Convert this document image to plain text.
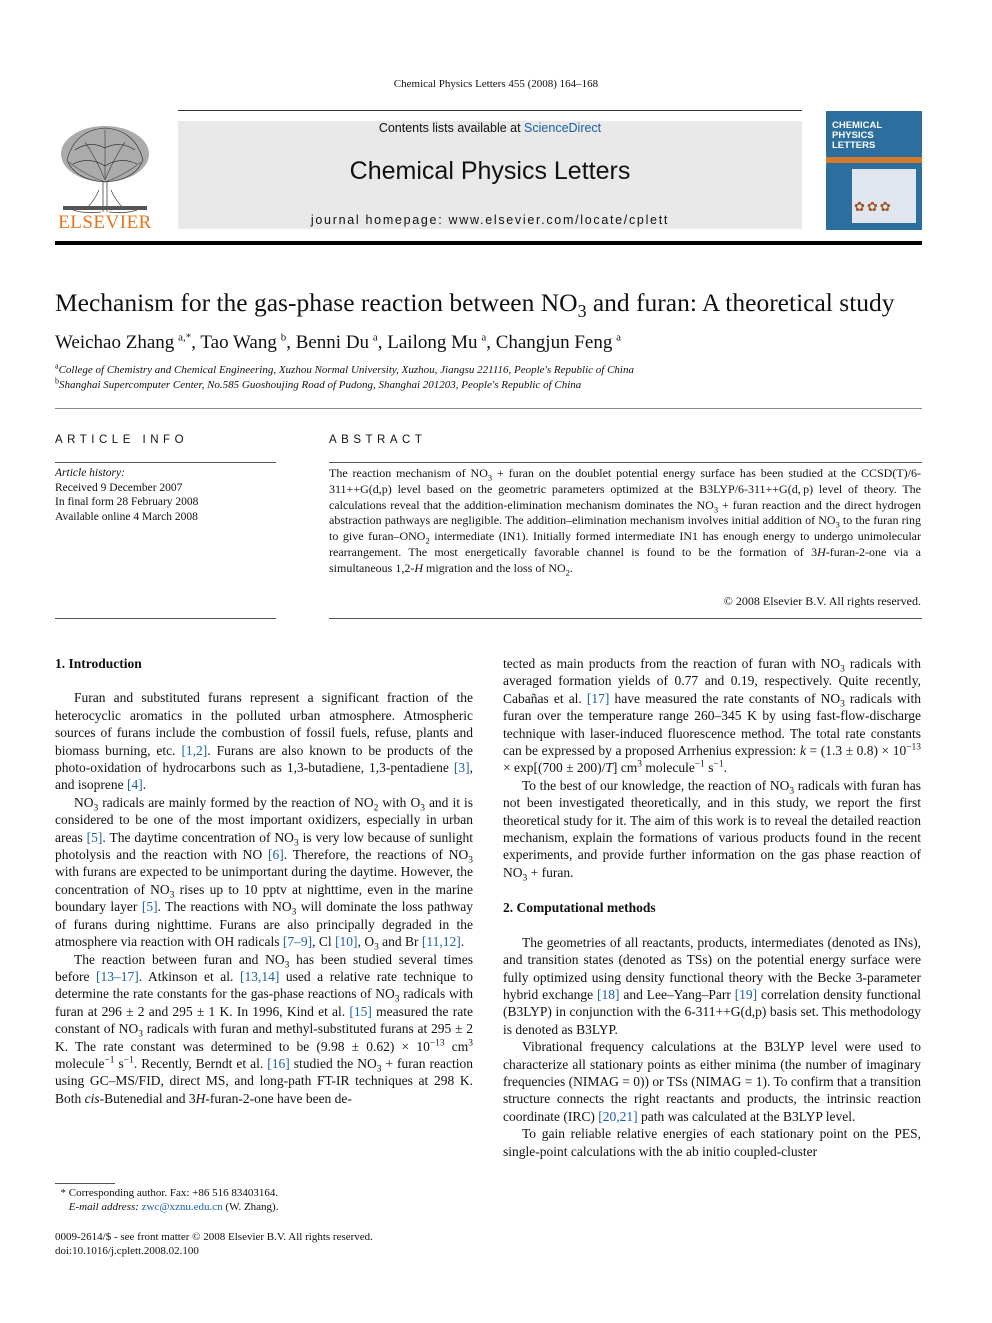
Chemical Physics Letters 455 (2008) 164–168
ELSEVIER
Contents lists available at ScienceDirect
Chemical Physics Letters
journal homepage: www.elsevier.com/locate/cplett
CHEMICAL
PHYSICS
LETTERS
✿✿✿
Mechanism for the gas-phase reaction between $NO_3$ and furan: A theoretical study
Weichao Zhang  $^{a,*}$, Tao Wang  $^b$, Benni Du  $^a$, Lailong Mu  $^a$, Changjun Feng  $^a$
$^a$College of Chemistry and Chemical Engineering, Xuzhou Normal University, Xuzhou, Jiangsu 221116, People's Republic of China
$^b$Shanghai Supercomputer Center, No.585 Guoshoujing Road of Pudong, Shanghai 201203, People's Republic of China
ARTICLE INFO
Article history:
Received 9 December 2007
In final form 28 February 2008
Available online 4 March 2008
ABSTRACT
The reaction mechanism of $NO_3$ + furan on the doublet potential energy surface has been studied at the CCSD(T)/6-311++G(d,p) level based on the geometric parameters optimized at the B3LYP/6-311++G(d, p) level of theory. The calculations reveal that the addition-elimination mechanism dominates the $NO_3$ + furan reaction and the direct hydrogen abstraction pathways are negligible. The addition–elimination mechanism involves initial addition of $NO_3$ to the furan ring to give furan–$ONO_2$ intermediate (IN1). Initially formed intermediate IN1 has enough energy to undergo unimolecular rearrangement. The most energetically favorable channel is found to be the formation of 3H-furan-2-one via a simultaneous 1,2-H migration and the loss of $NO_2$.
© 2008 Elsevier B.V. All rights reserved.
1. Introduction

Furan and substituted furans represent a significant fraction of the heterocyclic aromatics in the polluted urban atmosphere. Atmospheric sources of furans include the combustion of fossil fuels, refuse, plants and biomass burning, etc. [1,2]. Furans are also known to be products of the photo-oxidation of hydrocarbons such as 1,3-butadiene, 1,3-pentadiene [3], and isoprene [4].

$NO_3$ radicals are mainly formed by the reaction of $NO_2$ with $O_3$ and it is considered to be one of the most important oxidizers, especially in urban areas [5]. The daytime concentration of $NO_3$ is very low because of sunlight photolysis and the reaction with NO [6]. Therefore, the reactions of $NO_3$ with furans are expected to be unimportant during the daytime. However, the concentration of $NO_3$ rises up to 10 pptv at nighttime, even in the marine boundary layer [5]. The reactions with $NO_3$ will dominate the loss pathway of furans during nighttime. Furans are also principally degraded in the atmosphere via reaction with OH radicals [7–9], Cl [10], $O_3$ and Br [11,12].

The reaction between furan and $NO_3$ has been studied several times before [13–17]. Atkinson et al. [13,14] used a relative rate technique to determine the rate constants for the gas-phase reactions of $NO_3$ radicals with furan at 296 ± 2 and 295 ± 1 K. In 1996, Kind et al. [15] measured the rate constant of $NO_3$ radicals with furan and methyl-substituted furans at 295 ± 2 K. The rate constant was determined to be $(9.98 \pm 0.62) \times 10^{-13}$ $cm^3$ molecule$^{-1}$ $s^{-1}$. Recently, Berndt et al. [16] studied the $NO_3$ + furan reaction using GC–MS/FID, direct MS, and long-path FT-IR techniques at 298 K. Both cis-Butenedial and 3H-furan-2-one have been de-

tected as main products from the reaction of furan with $NO_3$ radicals with averaged formation yields of 0.77 and 0.19, respectively. Quite recently, Cabañas et al. [17] have measured the rate constants of $NO_3$ radicals with furan over the temperature range 260–345 K by using fast-flow-discharge technique with laser-induced fluorescence method. The total rate constants can be expressed by a proposed Arrhenius expression: $k = (1.3 \pm 0.8) \times 10^{-13} \times \exp[(700 \pm 200)/T]$ $cm^3$ molecule$^{-1}$ $s^{-1}$.

To the best of our knowledge, the reaction of $NO_3$ radicals with furan has not been investigated theoretically, and in this study, we report the first theoretical study for it. The aim of this work is to reveal the detailed reaction mechanism, explain the formations of various products found in the recent experiments, and provide further information on the gas phase reaction of $NO_3$ + furan.

2. Computational methods

The geometries of all reactants, products, intermediates (denoted as INs), and transition states (denoted as TSs) on the potential energy surface were fully optimized using density functional theory with the Becke 3-parameter hybrid exchange [18] and Lee–Yang–Parr [19] correlation density functional (B3LYP) in conjunction with the 6-311++G(d,p) basis set. This methodology is denoted as B3LYP.

Vibrational frequency calculations at the B3LYP level were used to characterize all stationary points as either minima (the number of imaginary frequencies (NIMAG = 0)) or TSs (NIMAG = 1). To confirm that a transition structure connects the right reactants and products, the intrinsic reaction coordinate (IRC) [20,21] path was calculated at the B3LYP level.

To gain reliable relative energies of each stationary point on the PES, single-point calculations with the ab initio coupled-cluster

* Corresponding author. Fax: +86 516 83403164.
E-mail address: zwc@xznu.edu.cn (W. Zhang).
0009-2614/$ - see front matter © 2008 Elsevier B.V. All rights reserved.
doi:10.1016/j.cplett.2008.02.100
